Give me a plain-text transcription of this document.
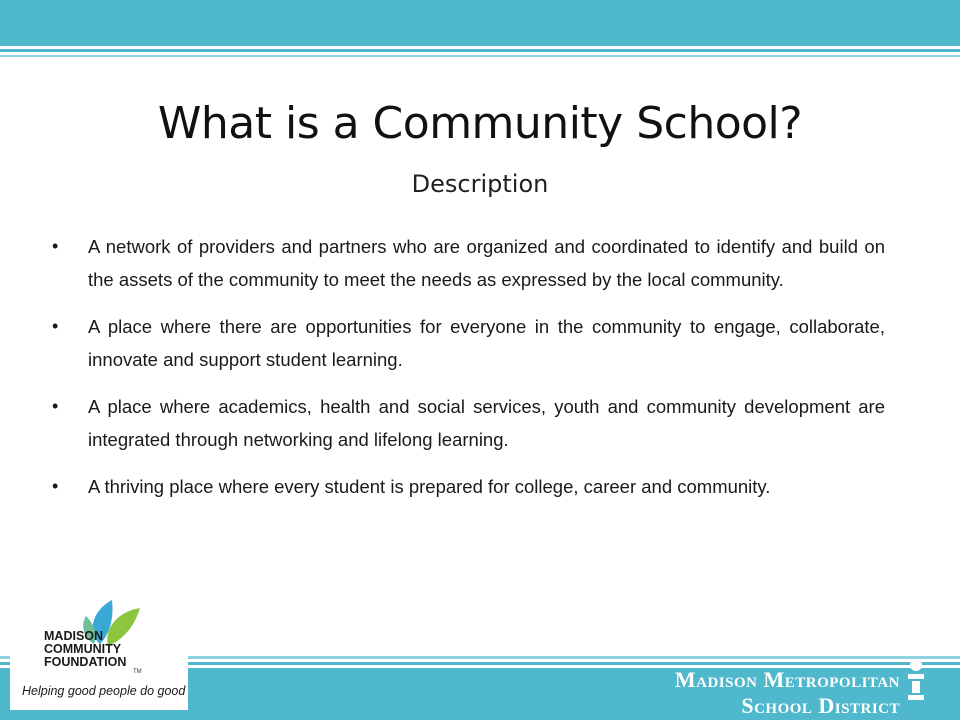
What is a Community School?
Description
• A network of providers and partners who are organized and coordinated to identify and build on the assets of the community to meet the needs as expressed by the local community.
• A place where there are opportunities for everyone in the community to engage, collaborate, innovate and support student learning.
• A place where academics, health and social services, youth and community development are integrated through networking and lifelong learning.
• A thriving place where every student is prepared for college, career and community.
Madison Metropolitan School District
MADISON
COMMUNITY
FOUNDATION
TM
Helping good people do good
